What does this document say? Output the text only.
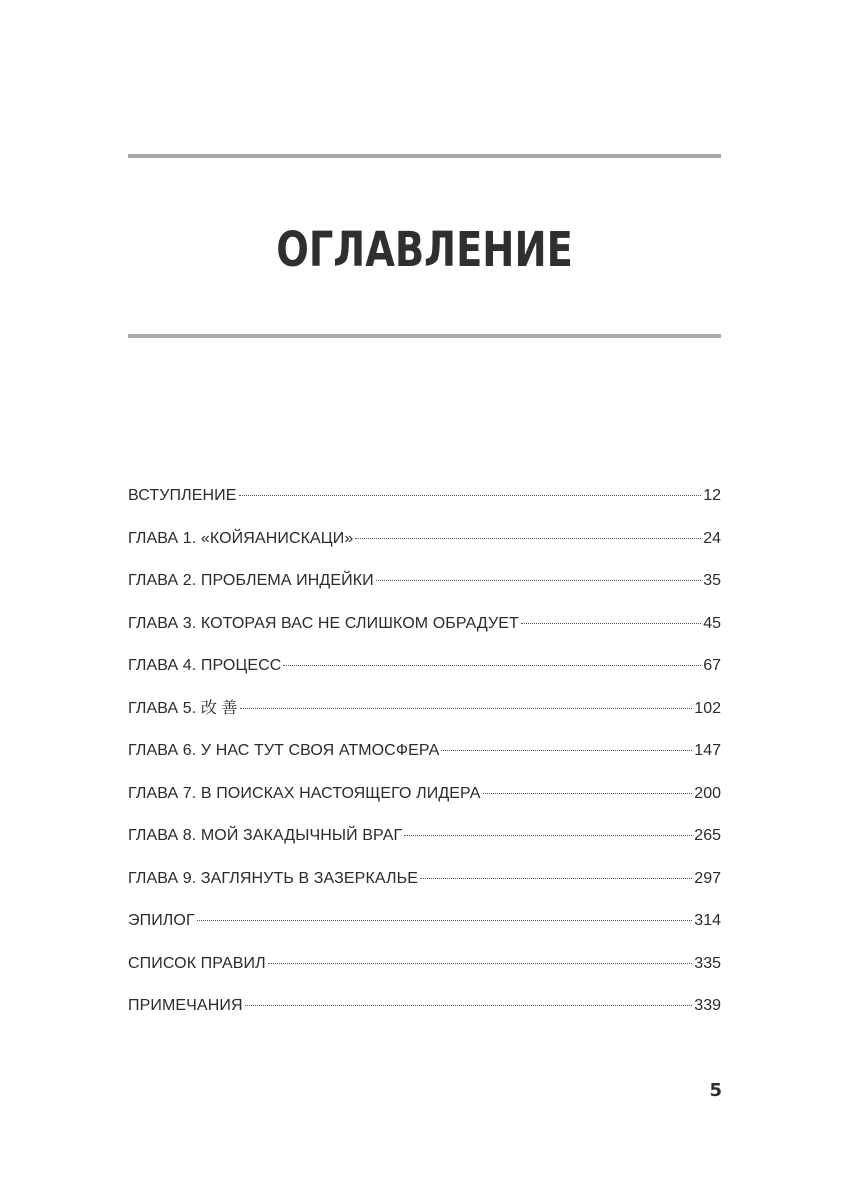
ОГЛАВЛЕНИЕ
ВСТУПЛЕНИЕ	12
ГЛАВА 1. «КОЙЯАНИСКАЦИ»	24
ГЛАВА 2. ПРОБЛЕМА ИНДЕЙКИ	35
ГЛАВА 3. КОТОРАЯ ВАС НЕ СЛИШКОМ ОБРАДУЕТ	45
ГЛАВА 4. ПРОЦЕСС	67
ГЛАВА 5. 改 善	102
ГЛАВА 6. У НАС ТУТ СВОЯ АТМОСФЕРА	147
ГЛАВА 7. В ПОИСКАХ НАСТОЯЩЕГО ЛИДЕРА	200
ГЛАВА 8. МОЙ ЗАКАДЫЧНЫЙ ВРАГ	265
ГЛАВА 9. ЗАГЛЯНУТЬ В ЗАЗЕРКАЛЬЕ	297
ЭПИЛОГ	314
СПИСОК ПРАВИЛ	335
ПРИМЕЧАНИЯ	339
5
